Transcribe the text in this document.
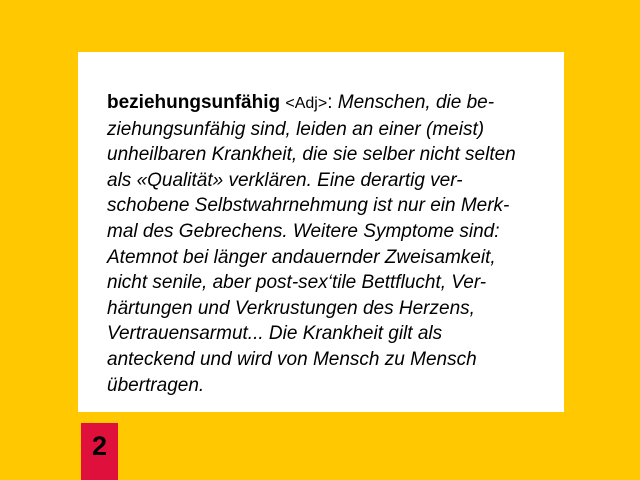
beziehungsunfähig <Adj>: Menschen, die be-
ziehungsunfähig sind, leiden an einer (meist)
unheilbaren Krankheit, die sie selber nicht selten
als «Qualität» verklären. Eine derartig ver-
schobene Selbstwahrnehmung ist nur ein Merk-
mal des Gebrechens. Weitere Symptome sind:
Atemnot bei länger andauernder Zweisamkeit,
nicht senile, aber post-sex‘tile Bettflucht, Ver-
härtungen und Verkrustungen des Herzens,
Vertrauensarmut... Die Krankheit gilt als
anteckend und wird von Mensch zu Mensch
übertragen.
2
